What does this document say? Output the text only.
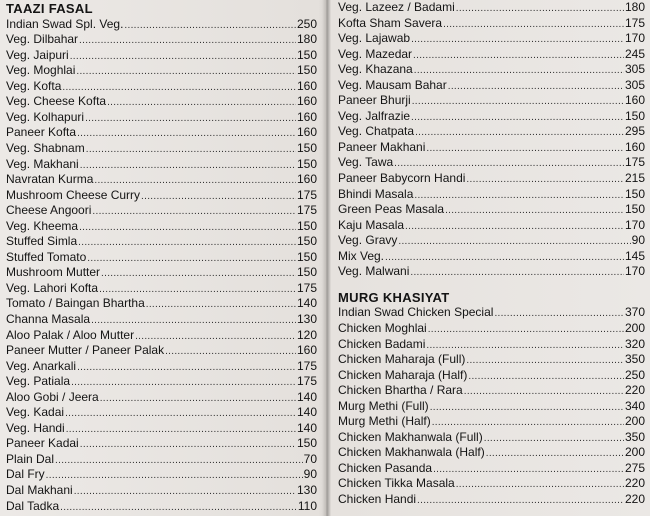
TAAZI FASAL
Indian Swad Spl. Veg. .....	250
Veg. Dilbahar .....	180
Veg. Jaipuri .....	150
Veg. Moghlai .....	150
Veg. Kofta .....	160
Veg. Cheese Kofta .....	160
Veg. Kolhapuri .....	160
Paneer Kofta .....	160
Veg. Shabnam .....	150
Veg. Makhani .....	150
Navratan Kurma .....	160
Mushroom Cheese Curry .....	175
Cheese Angoori .....	175
Veg. Kheema .....	150
Stuffed Simla .....	150
Stuffed Tomato .....	150
Mushroom Mutter .....	150
Veg. Lahori Kofta .....	175
Tomato / Baingan Bhartha .....	140
Channa Masala .....	130
Aloo Palak / Aloo Mutter .....	120
Paneer Mutter / Paneer Palak .....	160
Veg. Anarkali .....	175
Veg. Patiala .....	175
Aloo Gobi / Jeera .....	140
Veg. Kadai .....	140
Veg. Handi .....	140
Paneer Kadai .....	150
Plain Dal .....	70
Dal Fry .....	90
Dal Makhani .....	130
Dal Tadka .....	110
Veg. Lazeez / Badami .....	180
Kofta Sham Savera .....	175
Veg. Lajawab .....	170
Veg. Mazedar .....	245
Veg. Khazana .....	305
Veg. Mausam Bahar .....	305
Paneer Bhurji .....	160
Veg. Jalfrazie .....	150
Veg. Chatpata .....	295
Paneer Makhani .....	160
Veg. Tawa .....	175
Paneer Babycorn Handi .....	215
Bhindi Masala .....	150
Green Peas Masala .....	150
Kaju Masala .....	170
Veg. Gravy .....	90
Mix Veg. .....	145
Veg. Malwani .....	170
MURG KHASIYAT
Indian Swad Chicken Special .....	370
Chicken Moghlai .....	200
Chicken Badami .....	320
Chicken Maharaja (Full) .....	350
Chicken Maharaja (Half) .....	250
Chicken Bhartha / Rara .....	220
Murg Methi (Full) .....	340
Murg Methi (Half) .....	200
Chicken Makhanwala (Full) .....	350
Chicken Makhanwala (Half) .....	200
Chicken Pasanda .....	275
Chicken Tikka Masala .....	220
Chicken Handi .....	220
